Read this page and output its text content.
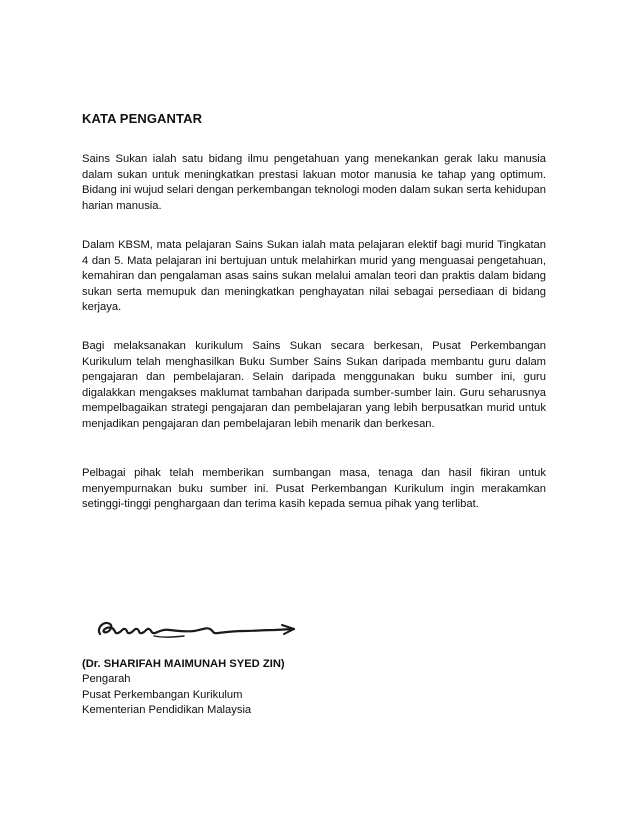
KATA PENGANTAR

Sains Sukan ialah satu bidang ilmu pengetahuan yang menekankan gerak laku manusia dalam sukan untuk meningkatkan prestasi lakuan motor manusia ke tahap yang optimum. Bidang ini wujud selari dengan perkembangan teknologi moden dalam sukan serta kehidupan harian manusia.

Dalam KBSM, mata pelajaran Sains Sukan ialah mata pelajaran elektif bagi murid Tingkatan 4 dan 5. Mata pelajaran ini bertujuan untuk melahirkan murid yang menguasai pengetahuan, kemahiran dan pengalaman asas sains sukan melalui amalan teori dan praktis dalam bidang sukan serta memupuk dan meningkatkan penghayatan nilai sebagai persediaan di bidang kerjaya.

Bagi melaksanakan kurikulum Sains Sukan secara berkesan, Pusat Perkembangan Kurikulum telah menghasilkan Buku Sumber Sains Sukan daripada membantu guru dalam pengajaran dan pembelajaran. Selain daripada menggunakan buku sumber ini, guru digalakkan mengakses maklumat tambahan daripada sumber-sumber lain. Guru seharusnya mempelbagaikan strategi pengajaran dan pembelajaran yang lebih berpusatkan murid untuk menjadikan pengajaran dan pembelajaran lebih menarik dan berkesan.

Pelbagai pihak telah memberikan sumbangan masa, tenaga dan hasil fikiran untuk menyempurnakan buku sumber ini. Pusat Perkembangan Kurikulum ingin merakamkan setinggi-tinggi penghargaan dan terima kasih kepada semua pihak yang terlibat.

(Dr. SHARIFAH MAIMUNAH SYED ZIN)
Pengarah
Pusat Perkembangan Kurikulum
Kementerian Pendidikan Malaysia
